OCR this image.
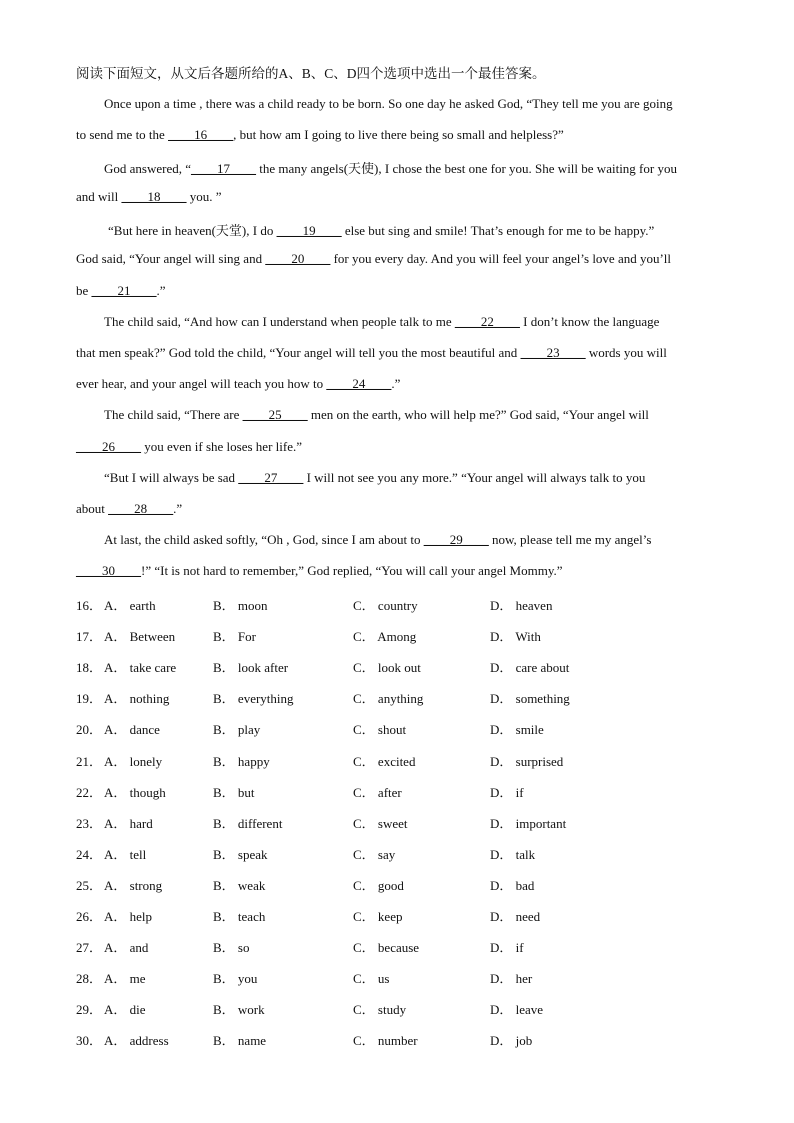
阅读下面短文，从文后各题所给的A、B、C、D四个选项中选出一个最佳答案。
Once upon a time , there was a child ready to be born. So one day he asked God, “They tell me you are going
to send me to the ____16____, but how am I going to live there being so small and helpless?”
God answered, “____17____ the many angels(天使), I chose the best one for you. She will be waiting for you
and will ____18____ you. ”
“But here in heaven(天堂), I do ____19____ else but sing and smile! That’s enough for me to be happy.”
God said, “Your angel will sing and ____20____ for you every day. And you will feel your angel’s love and you’ll
be ____21____.”
The child said, “And how can I understand when people talk to me ____22____ I don’t know the language
that men speak?” God told the child, “Your angel will tell you the most beautiful and ____23____ words you will
ever hear, and your angel will teach you how to ____24____.”
The child said, “There are ____25____ men on the earth, who will help me?” God said, “Your angel will
____26____ you even if she loses her life.”
“But I will always be sad ____27____ I will not see you any more.” “Your angel will always talk to you
about ____28____.”
At last, the child asked softly, “Oh , God, since I am about to ____29____ now, please tell me my angel’s
____30____!” “It is not hard to remember,” God replied, “You will call your angel Mommy.”
16． A． earth	B． moon	C． country	D． heaven
17． A． Between	B． For	C． Among	D． With
18． A． take care	B． look after	C． look out	D． care about
19． A． nothing	B． everything	C． anything	D． something
20． A． dance	B． play	C． shout	D． smile
21． A． lonely	B． happy	C． excited	D． surprised
22． A． though	B． but	C． after	D． if
23． A． hard	B． different	C． sweet	D． important
24． A． tell	B． speak	C． say	D． talk
25． A． strong	B． weak	C． good	D． bad
26． A． help	B． teach	C． keep	D． need
27． A． and	B． so	C． because	D． if
28． A． me	B． you	C． us	D． her
29． A． die	B． work	C． study	D． leave
30． A． address	B． name	C． number	D． job
